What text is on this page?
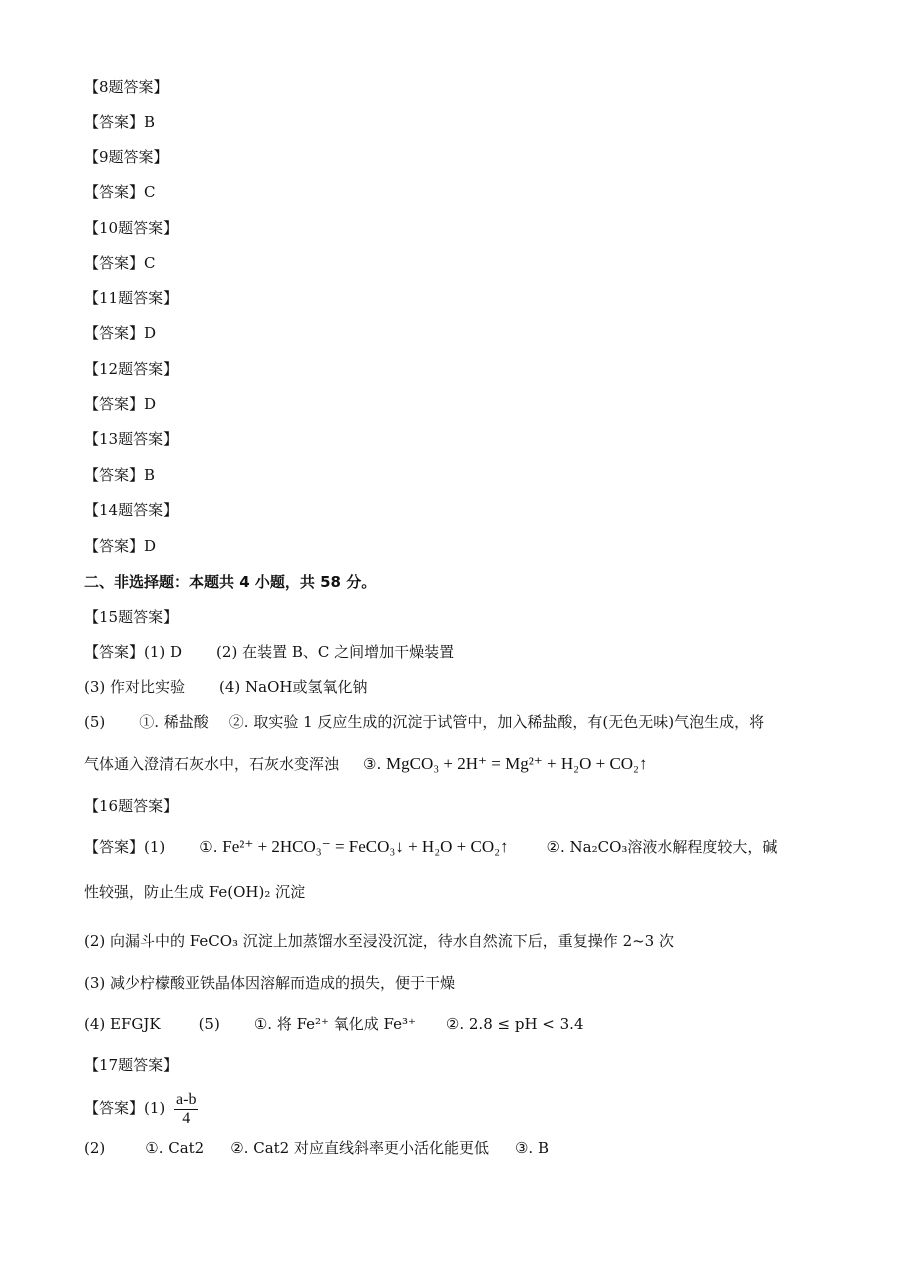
【8题答案】
【答案】B
【9题答案】
【答案】C
【10题答案】
【答案】C
【11题答案】
【答案】D
【12题答案】
【答案】D
【13题答案】
【答案】B
【14题答案】
【答案】D
二、非选择题：本题共 4 小题，共 58 分。
【15题答案】
【答案】(1) D (2) 在装置 B、C 之间增加干燥装置
(3) 作对比实验 (4) NaOH或氢氧化钠
(5) ①. 稀盐酸 ②. 取实验 1 反应生成的沉淀于试管中，加入稀盐酸，有(无色无味)气泡生成，将
气体通入澄清石灰水中，石灰水变浑浊 ③. MgCO₃ + 2H⁺ = Mg²⁺ + H₂O + CO₂↑
【16题答案】
【答案】(1) ①. Fe²⁺ + 2HCO₃⁻ = FeCO₃↓ + H₂O + CO₂↑	②. Na₂CO₃溶液水解程度较大，碱
性较强，防止生成 Fe(OH)₂ 沉淀
(2) 向漏斗中的 FeCO₃ 沉淀上加蒸馏水至浸没沉淀，待水自然流下后，重复操作 2~3 次
(3) 减少柠檬酸亚铁晶体因溶解而造成的损失，便于干燥
(4) EFGJK	(5) ①. 将 Fe²⁺ 氧化成 Fe³⁺ ②. 2.8 ≤ pH < 3.4
【17题答案】
【答案】$(1) \frac{a-b}{4}$
(2)	①. Cat2 ②. Cat2 对应直线斜率更小活化能更低 ③. B
